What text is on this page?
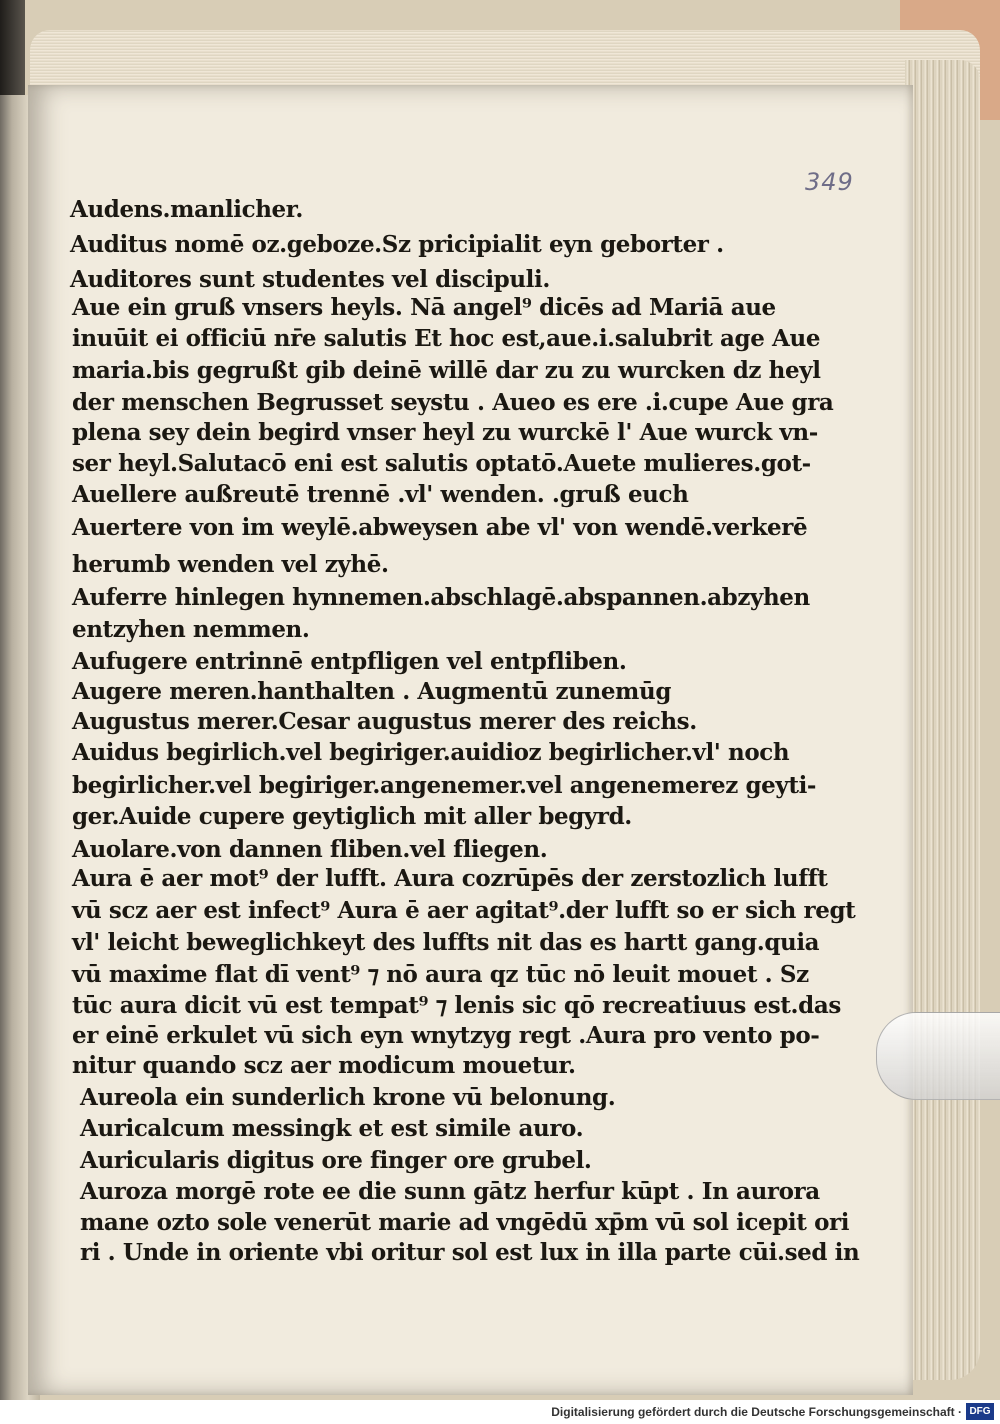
349
Audens.manlicher.
Auditus nomē oz.geboze.Sz pricipialit eyn geborter .
Auditores sunt studentes vel discipuli.
Aue ein gruß vnsers heyls. Nā angel⁹ dicēs ad Mariā aue
inuūit ei officiū nr̄e salutis Et hoc est,aue.i.salubrit age Aue
maria.bis gegrußt gib deinē willē dar zu zu wurcken dz heyl
der menschen Begrusset seystu . Aueo es ere .i.cupe Aue gra
plena sey dein begird vnser heyl zu wurckē l' Aue wurck vn-
ser heyl.Salutacō eni est salutis optatō.Auete mulieres.got-
Auellere außreutē trennē .vl' wenden. .gruß euch
Auertere von im weylē.abweysen abe vl' von wendē.verkerē
herumb wenden vel zyhē.
Auferre hinlegen hynnemen.abschlagē.abspannen.abzyhen
entzyhen nemmen.
Aufugere entrinnē entpfligen vel entpfliben.
Augere meren.hanthalten . Augmentū zunemūg
Augustus merer.Cesar augustus merer des reichs.
Auidus begirlich.vel begiriger.auidioz begirlicher.vl' noch
begirlicher.vel begiriger.angenemer.vel angenemerez geyti-
ger.Auide cupere geytiglich mit aller begyrd.
Auolare.von dannen fliben.vel fliegen.
Aura ē aer mot⁹ der lufft. Aura cozrūpēs der zerstozlich lufft
vū scz aer est infect⁹ Aura ē aer agitat⁹.der lufft so er sich regt
vl' leicht beweglichkeyt des luffts nit das es hartt gang.quia
vū maxime flat dī vent⁹ ⁊ nō aura qz tūc nō leuit mouet . Sz
tūc aura dicit vū est tempat⁹ ⁊ lenis sic qō recreatiuus est.das
er einē erkulet vū sich eyn wnytzyg regt .Aura pro vento po-
nitur quando scz aer modicum mouetur.
Aureola ein sunderlich krone vū belonung.
Auricalcum messingk et est simile auro.
Auricularis digitus ore finger ore grubel.
Auroza morgē rote ee die sunn gātz herfur kūpt . In aurora
mane ozto sole venerūt marie ad vngēdū xp̄m vū sol icepit ori
ri . Unde in oriente vbi oritur sol est lux in illa parte cūi.sed in
Digitalisierung gefördert durch die Deutsche Forschungsgemeinschaft · DFG
